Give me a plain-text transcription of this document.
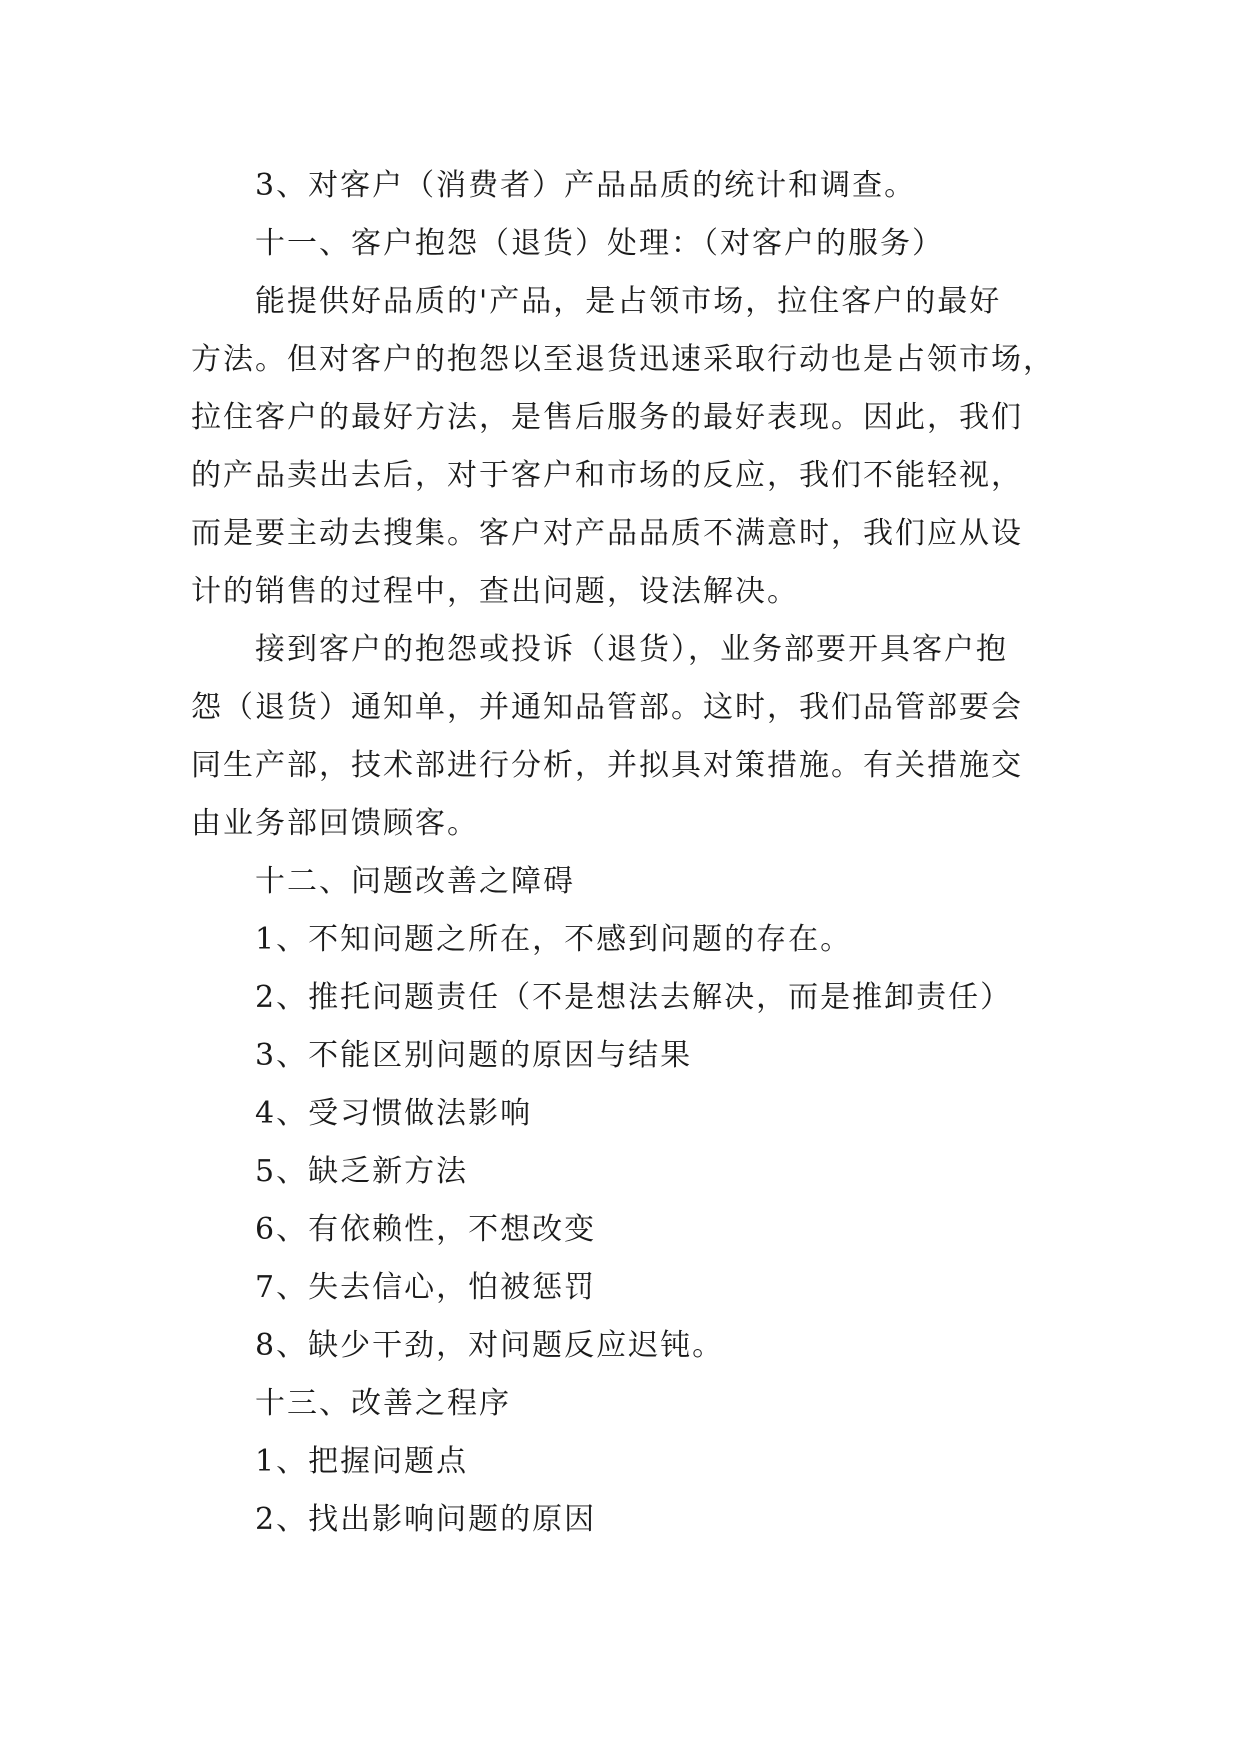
3、对客户（消费者）产品品质的统计和调查。
十一、客户抱怨（退货）处理：（对客户的服务）
能提供好品质的'产品，是占领市场，拉住客户的最好
方法。但对客户的抱怨以至退货迅速采取行动也是占领市场，
拉住客户的最好方法，是售后服务的最好表现。因此，我们
的产品卖出去后，对于客户和市场的反应，我们不能轻视，
而是要主动去搜集。客户对产品品质不满意时，我们应从设
计的销售的过程中，查出问题，设法解决。
接到客户的抱怨或投诉（退货），业务部要开具客户抱
怨（退货）通知单，并通知品管部。这时，我们品管部要会
同生产部，技术部进行分析，并拟具对策措施。有关措施交
由业务部回馈顾客。
十二、问题改善之障碍
1、不知问题之所在，不感到问题的存在。
2、推托问题责任（不是想法去解决，而是推卸责任）
3、不能区别问题的原因与结果
4、受习惯做法影响
5、缺乏新方法
6、有依赖性，不想改变
7、失去信心，怕被惩罚
8、缺少干劲，对问题反应迟钝。
十三、改善之程序
1、把握问题点
2、找出影响问题的原因
